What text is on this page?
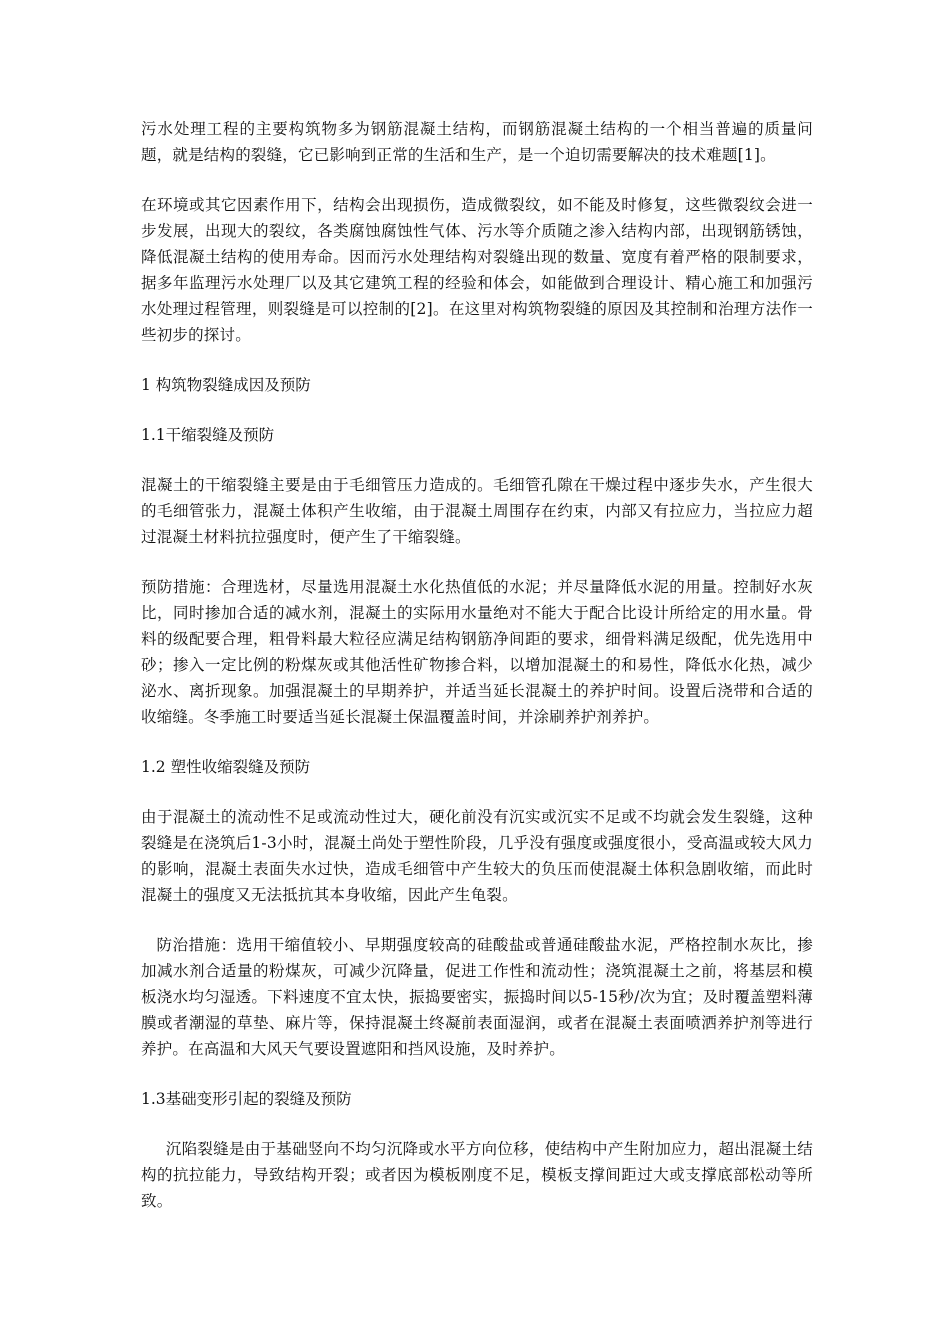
污水处理工程的主要构筑物多为钢筋混凝土结构，而钢筋混凝土结构的一个相当普遍的质量问题，就是结构的裂缝，它已影响到正常的生活和生产，是一个迫切需要解决的技术难题[1]。

在环境或其它因素作用下，结构会出现损伤，造成微裂纹，如不能及时修复，这些微裂纹会进一步发展，出现大的裂纹，各类腐蚀腐蚀性气体、污水等介质随之渗入结构内部，出现钢筋锈蚀，降低混凝土结构的使用寿命。因而污水处理结构对裂缝出现的数量、宽度有着严格的限制要求，据多年监理污水处理厂以及其它建筑工程的经验和体会，如能做到合理设计、精心施工和加强污水处理过程管理，则裂缝是可以控制的[2]。在这里对构筑物裂缝的原因及其控制和治理方法作一些初步的探讨。

1 构筑物裂缝成因及预防

1.1干缩裂缝及预防

混凝土的干缩裂缝主要是由于毛细管压力造成的。毛细管孔隙在干燥过程中逐步失水，产生很大的毛细管张力，混凝土体积产生收缩，由于混凝土周围存在约束，内部又有拉应力，当拉应力超过混凝土材料抗拉强度时，便产生了干缩裂缝。

预防措施：合理选材，尽量选用混凝土水化热值低的水泥；并尽量降低水泥的用量。控制好水灰比，同时掺加合适的减水剂，混凝土的实际用水量绝对不能大于配合比设计所给定的用水量。骨料的级配要合理，粗骨料最大粒径应满足结构钢筋净间距的要求，细骨料满足级配，优先选用中砂；掺入一定比例的粉煤灰或其他活性矿物掺合料，以增加混凝土的和易性，降低水化热，减少泌水、离折现象。加强混凝土的早期养护，并适当延长混凝土的养护时间。设置后浇带和合适的收缩缝。冬季施工时要适当延长混凝土保温覆盖时间，并涂刷养护剂养护。

1.2 塑性收缩裂缝及预防

由于混凝土的流动性不足或流动性过大，硬化前没有沉实或沉实不足或不均就会发生裂缝，这种裂缝是在浇筑后1-3小时，混凝土尚处于塑性阶段，几乎没有强度或强度很小，受高温或较大风力的影响，混凝土表面失水过快，造成毛细管中产生较大的负压而使混凝土体积急剧收缩，而此时混凝土的强度又无法抵抗其本身收缩，因此产生龟裂。

防治措施：选用干缩值较小、早期强度较高的硅酸盐或普通硅酸盐水泥，严格控制水灰比，掺加减水剂合适量的粉煤灰，可减少沉降量，促进工作性和流动性；浇筑混凝土之前，将基层和模板浇水均匀湿透。下料速度不宜太快，振捣要密实，振捣时间以5-15秒/次为宜；及时覆盖塑料薄膜或者潮湿的草垫、麻片等，保持混凝土终凝前表面湿润，或者在混凝土表面喷洒养护剂等进行养护。在高温和大风天气要设置遮阳和挡风设施，及时养护。

1.3基础变形引起的裂缝及预防

沉陷裂缝是由于基础竖向不均匀沉降或水平方向位移，使结构中产生附加应力，超出混凝土结构的抗拉能力，导致结构开裂；或者因为模板刚度不足，模板支撑间距过大或支撑底部松动等所致。
